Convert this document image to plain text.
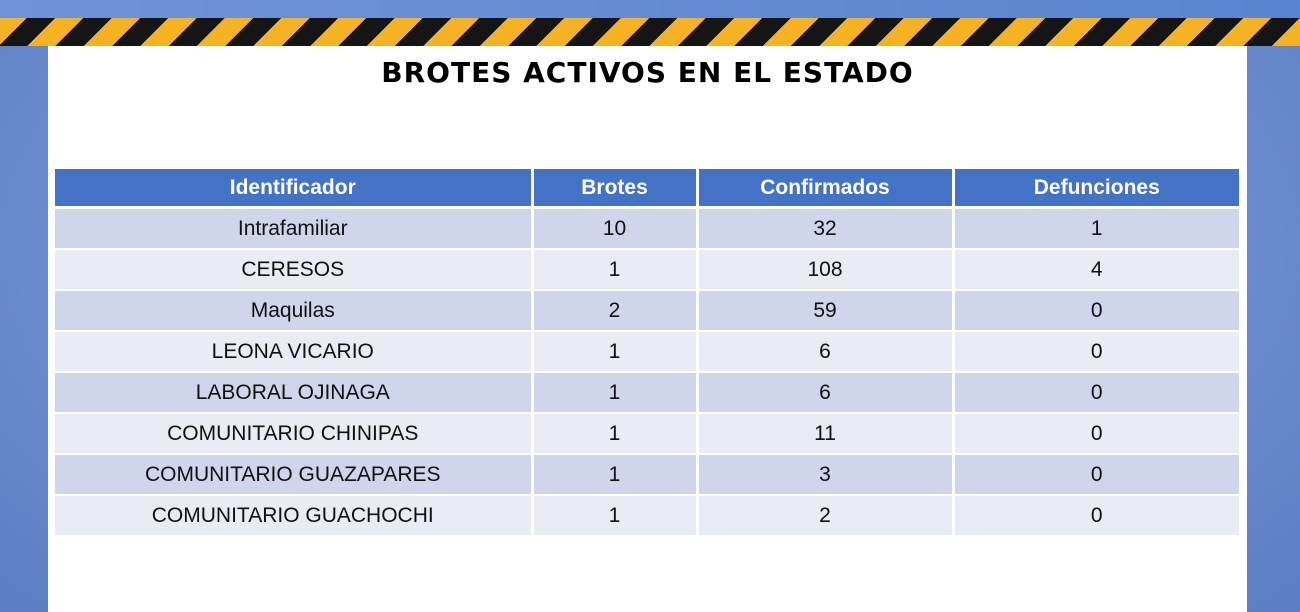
BROTES ACTIVOS EN EL ESTADO
Identificador	Brotes	Confirmados	Defunciones
Intrafamiliar	10	32	1
CERESOS	1	108	4
Maquilas	2	59	0
LEONA VICARIO	1	6	0
LABORAL OJINAGA	1	6	0
COMUNITARIO CHINIPAS	1	11	0
COMUNITARIO GUAZAPARES	1	3	0
COMUNITARIO GUACHOCHI	1	2	0
